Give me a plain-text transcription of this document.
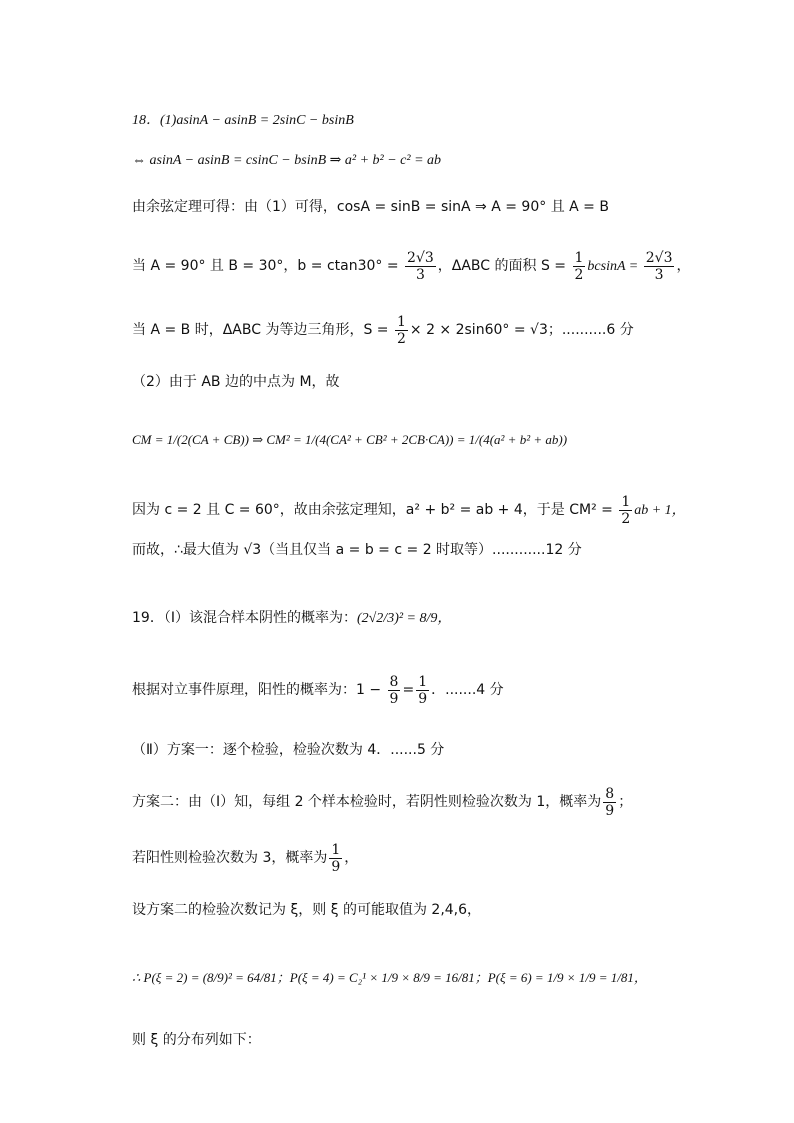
18．(1)asinA − asinB = 2sinC − bsinB
⇔ asinA − asinB = csinC − bsinB ⇒ a² + b² − c² = ab
由余弦定理可得：由（1）可得，cosA = sinB = sinA ⇒ A = 90° 且 A = B
当 A = 90° 且 B = 30°，$b = ctan30^\circ = \frac{2√3}{3}$ ，ΔABC 的面积 $S = \frac{1}{2}$ $bcsinA = \frac{2√3}{3}$ ，
当 A = B 时，ΔABC 为等边三角形，$S = \frac{1}{2} \times 2 \times 2\sin 60^\circ = √3$；..........6 分
（2）由于 AB 边的中点为 M，故
CM = 1/(2(CA + CB)) ⇒ CM² = 1/(4(CA² + CB² + 2CB·CA)) = 1/(4(a² + b² + ab))
因为 c = 2 且 C = 60°，故由余弦定理知，a² + b² = ab + 4，于是 $CM^2 = \frac{1}{2}$ ab + 1，
而故，∴最大值为 √3（当且仅当 a = b = c = 2 时取等）............12 分
19．（Ⅰ）该混合样本阴性的概率为：(2√2/3)² = 8/9，
根据对立事件原理，阳性的概率为：$1 - \frac{8}{9} = \frac{1}{9}$ ．.......4 分
（Ⅱ）方案一：逐个检验，检验次数为 4．......5 分
方案二：由（Ⅰ）知，每组 2 个样本检验时，若阴性则检验次数为 1，概率为 $\frac{8}{9}$ ；
若阳性则检验次数为 3，概率为 $\frac{1}{9}$ ，
设方案二的检验次数记为 ξ，则 ξ 的可能取值为 2,4,6，
∴ P(ξ = 2) = (8/9)² = 64/81；P(ξ = 4) = C₂¹ × 1/9 × 8/9 = 16/81；P(ξ = 6) = 1/9 × 1/9 = 1/81，
则 ξ 的分布列如下：
